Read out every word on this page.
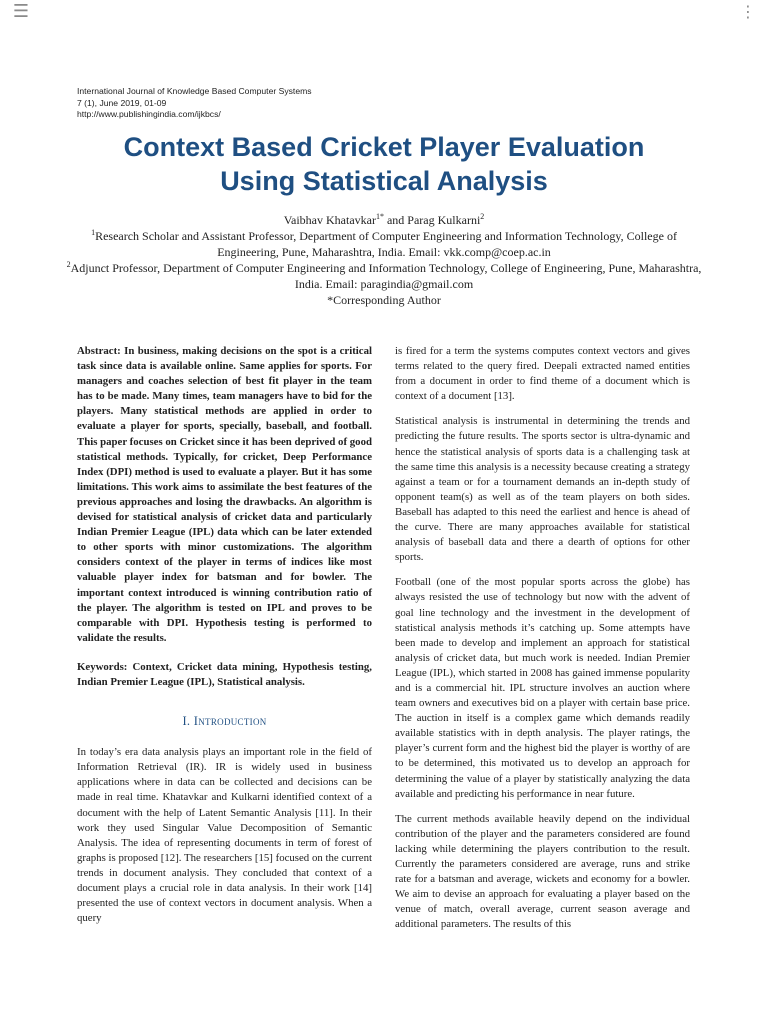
☰	⋮
International Journal of Knowledge Based Computer Systems
7 (1), June 2019, 01-09
http://www.publishingindia.com/ijkbcs/
Context Based Cricket Player Evaluation
Using Statistical Analysis
Vaibhav Khatavkar$^{1*}$ and Parag Kulkarni$^2$
$^1$Research Scholar and Assistant Professor, Department of Computer Engineering and Information Technology, College of Engineering, Pune, Maharashtra, India. Email: vkk.comp@coep.ac.in
$^2$Adjunct Professor, Department of Computer Engineering and Information Technology, College of Engineering, Pune, Maharashtra, India. Email: paragindia@gmail.com
*Corresponding Author

Abstract: In business, making decisions on the spot is a critical task since data is available online. Same applies for sports. For managers and coaches selection of best fit player in the team has to be made. Many times, team managers have to bid for the players. Many statistical methods are applied in order to evaluate a player for sports, specially, baseball, and football. This paper focuses on Cricket since it has been deprived of good statistical methods. Typically, for cricket, Deep Performance Index (DPI) method is used to evaluate a player. But it has some limitations. This work aims to assimilate the best features of the previous approaches and losing the drawbacks. An algorithm is devised for statistical analysis of cricket data and particularly Indian Premier League (IPL) data which can be later extended to other sports with minor customizations. The algorithm considers context of the player in terms of indices like most valuable player index for batsman and for bowler. The important context introduced is winning contribution ratio of the player. The algorithm is tested on IPL and proves to be comparable with DPI. Hypothesis testing is performed to validate the results.

Keywords: Context, Cricket data mining, Hypothesis testing, Indian Premier League (IPL), Statistical analysis.

I. Introduction

In today’s era data analysis plays an important role in the field of Information Retrieval (IR). IR is widely used in business applications where in data can be collected and decisions can be made in real time. Khatavkar and Kulkarni identified context of a document with the help of Latent Semantic Analysis [11]. In their work they used Singular Value Decomposition of Semantic Analysis. The idea of representing documents in term of forest of graphs is proposed [12]. The researchers [15] focused on the current trends in document analysis. They concluded that context of a document plays a crucial role in data analysis. In their work [14] presented the use of context vectors in document analysis. When a query

is fired for a term the systems computes context vectors and gives terms related to the query fired. Deepali extracted named entities from a document in order to find theme of a document which is context of a document [13].

Statistical analysis is instrumental in determining the trends and predicting the future results. The sports sector is ultra-dynamic and hence the statistical analysis of sports data is a challenging task at the same time this analysis is a necessity because creating a strategy against a team or for a tournament demands an in-depth study of opponent team(s) as well as of the team players on both sides. Baseball has adapted to this need the earliest and hence is ahead of the curve. There are many approaches available for statistical analysis of baseball data and there a dearth of options for other sports.

Football (one of the most popular sports across the globe) has always resisted the use of technology but now with the advent of goal line technology and the investment in the development of statistical analysis methods it’s catching up. Some attempts have been made to develop and implement an approach for statistical analysis of cricket data, but much work is needed. Indian Premier League (IPL), which started in 2008 has gained immense popularity and is a commercial hit. IPL structure involves an auction where team owners and executives bid on a player with certain base price. The auction in itself is a complex game which demands readily available statistics with in depth analysis. The player ratings, the player’s current form and the highest bid the player is worthy of are to be determined, this motivated us to develop an approach for determining the value of a player by statistically analyzing the data available and predicting his performance in near future.

The current methods available heavily depend on the individual contribution of the player and the parameters considered are found lacking while determining the players contribution to the result. Currently the parameters considered are average, runs and strike rate for a batsman and average, wickets and economy for a bowler. We aim to devise an approach for evaluating a player based on the venue of match, overall average, current season average and additional parameters. The results of this
